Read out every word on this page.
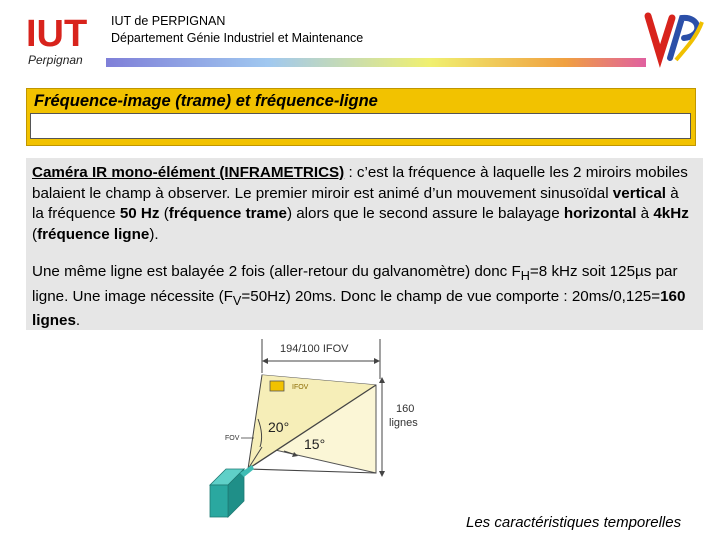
IUT de PERPIGNAN
Département Génie Industriel et Maintenance
IUT
Perpignan
UP
Fréquence-image (trame) et fréquence-ligne
Caméra IR mono-élément (INFRAMETRICS) : c’est la fréquence à laquelle les 2 miroirs mobiles balaient le champ à observer. Le premier miroir est animé d’un mouvement sinusoïdal vertical à la fréquence 50 Hz (fréquence trame) alors que le second assure le balayage horizontal à 4kHz (fréquence ligne).
Une même ligne est balayée 2 fois (aller-retour du galvanomètre) donc $F_H=8$ kHz soit 125µs par ligne. Une image nécessite $(F_V=50Hz)$ 20ms. Donc le champ de vue comporte : 20ms/0,125=160 lignes.
194/100 IFOV
IFOV
FOV
20°
15°
160
lignes
Les caractéristiques temporelles
